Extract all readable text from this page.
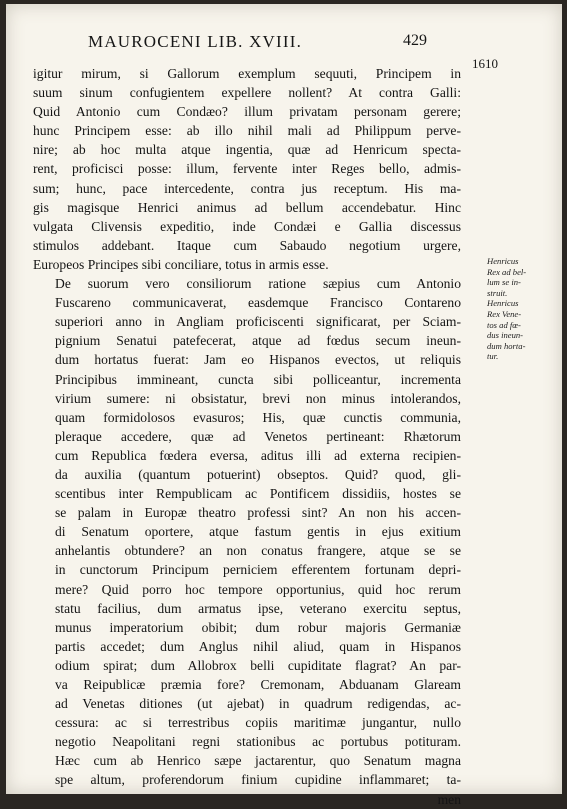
MAUROCENI LIB. XVIII.	429
1610
Henricus
Rex ad bel-
lum se in-
struit.
Henricus
Rex Vene-
tos ad fœ-
dus ineun-
dum horta-
tur.

igitur mirum, si Gallorum exemplum sequuti, Principem in
suum sinum confugientem expellere nollent? At contra Galli:
Quid Antonio cum Condæo? illum privatam personam gerere;
hunc Principem esse: ab illo nihil mali ad Philippum perve-
nire; ab hoc multa atque ingentia, quæ ad Henricum specta-
rent, proficisci posse: illum, fervente inter Reges bello, admis-
sum; hunc, pace intercedente, contra jus receptum. His ma-
gis magisque Henrici animus ad bellum accendebatur. Hinc
vulgata Clivensis expeditio, inde Condæi e Gallia discessus
stimulos addebant. Itaque cum Sabaudo negotium urgere,
Europeos Principes sibi conciliare, totus in armis esse.

De suorum vero consiliorum ratione sæpius cum Antonio
Fuscareno communicaverat, easdemque Francisco Contareno
superiori anno in Angliam proficiscenti significarat, per Sciam-
pignium Senatui patefecerat, atque ad fœdus secum ineun-
dum hortatus fuerat: Jam eo Hispanos evectos, ut reliquis
Principibus immineant, cuncta sibi polliceantur, incrementa
virium sumere: ni obsistatur, brevi non minus intolerandos,
quam formidolosos evasuros; His, quæ cunctis communia,
pleraque accedere, quæ ad Venetos pertineant: Rhætorum
cum Republica fœdera eversa, aditus illi ad externa recipien-
da auxilia (quantum potuerint) obseptos. Quid? quod, gli-
scentibus inter Rempublicam ac Pontificem dissidiis, hostes se
se palam in Europæ theatro professi sint? An non his accen-
di Senatum oportere, atque fastum gentis in ejus exitium
anhelantis obtundere? an non conatus frangere, atque se se
in cunctorum Principum perniciem efferentem fortunam depri-
mere? Quid porro hoc tempore opportunius, quid hoc rerum
statu facilius, dum armatus ipse, veterano exercitu septus,
munus imperatorium obibit; dum robur majoris Germaniæ
partis accedet; dum Anglus nihil aliud, quam in Hispanos
odium spirat; dum Allobrox belli cupiditate flagrat? An par-
va Reipublicæ præmia fore? Cremonam, Abduanam Glaream
ad Venetas ditiones (ut ajebat) in quadrum redigendas, ac-
cessura: ac si terrestribus copiis maritimæ jungantur, nullo
negotio Neapolitani regni stationibus ac portubus potituram.
Hæc cum ab Henrico sæpe jactarentur, quo Senatum magna
spe altum, proferendorum finium cupidine inflammaret; ta-
men
